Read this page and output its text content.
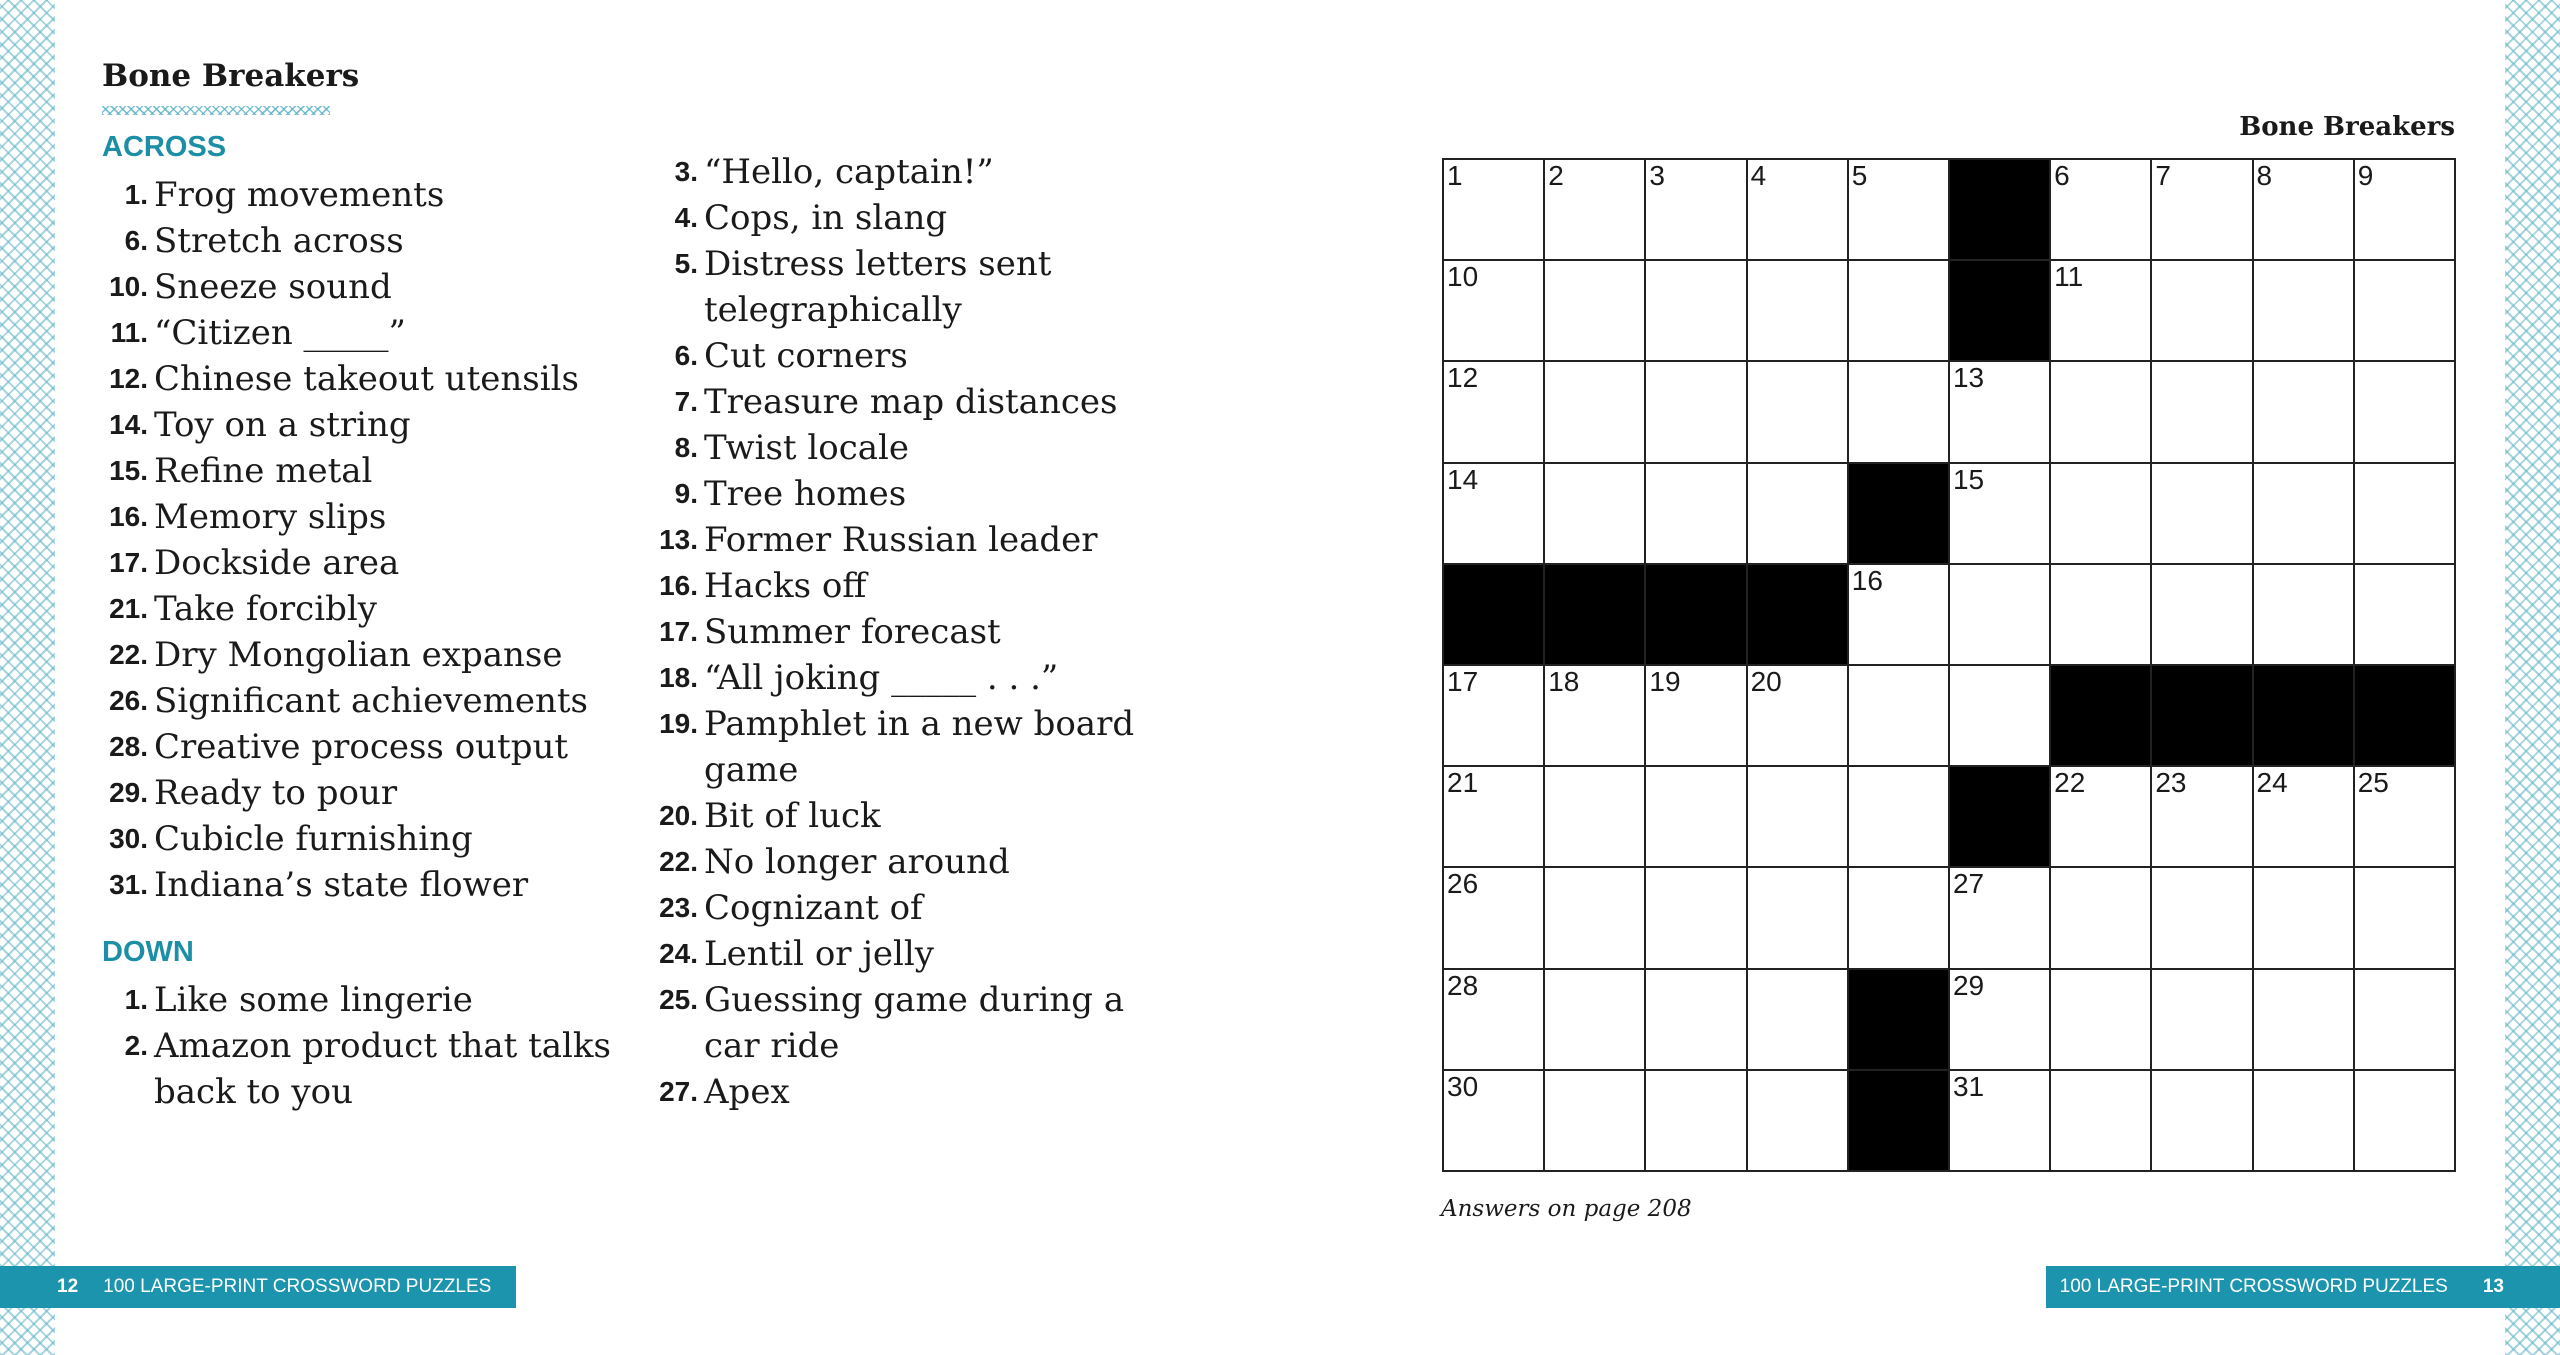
Bone Breakers
ACROSS
1. Frog movements
6. Stretch across
10. Sneeze sound
11. “Citizen _____”
12. Chinese takeout utensils
14. Toy on a string
15. Refine metal
16. Memory slips
17. Dockside area
21. Take forcibly
22. Dry Mongolian expanse
26. Significant achievements
28. Creative process output
29. Ready to pour
30. Cubicle furnishing
31. Indiana’s state flower
DOWN
1. Like some lingerie
2. Amazon product that talks back to you
3. “Hello, captain!”
4. Cops, in slang
5. Distress letters sent telegraphically
6. Cut corners
7. Treasure map distances
8. Twist locale
9. Tree homes
13. Former Russian leader
16. Hacks off
17. Summer forecast
18. “All joking _____ . . .”
19. Pamphlet in a new board game
20. Bit of luck
22. No longer around
23. Cognizant of
24. Lentil or jelly
25. Guessing game during a car ride
27. Apex
Bone Breakers
1	2	3	4	5	6	7	8	9
10	11
12	13
14	15
16
17	18	19	20
21	22	23	24	25
26	27
28	29
30	31

Answers on page 208

12 100 LARGE-PRINT CROSSWORD PUZZLES	100 LARGE-PRINT CROSSWORD PUZZLES 13
